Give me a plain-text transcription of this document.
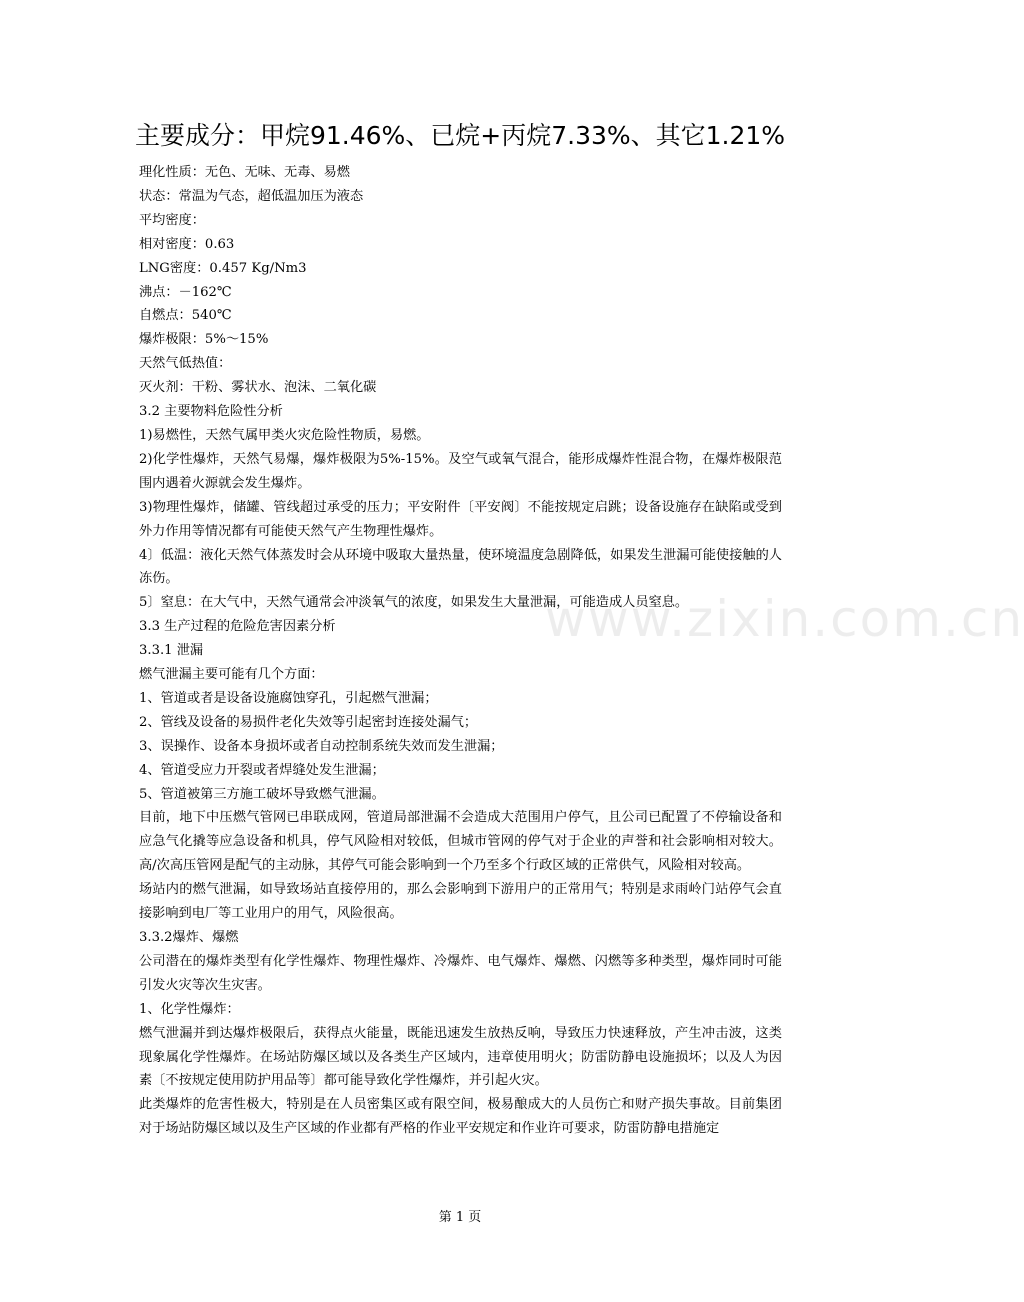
主要成分：甲烷91.46%、已烷+丙烷7.33%、其它1.21%

理化性质：无色、无味、无毒、易燃

状态：常温为气态，超低温加压为液态

平均密度：

相对密度：0.63

LNG密度：0.457 Kg/Nm3

沸点：－162℃

自燃点：540℃

爆炸极限：5%～15%

天然气低热值：

灭火剂：干粉、雾状水、泡沫、二氧化碳

3.2 主要物料危险性分析

1)易燃性，天然气属甲类火灾危险性物质，易燃。

2)化学性爆炸，天然气易爆，爆炸极限为5%-15%。及空气或氧气混合，能形成爆炸性混合物，在爆炸极限范围内遇着火源就会发生爆炸。

3)物理性爆炸，储罐、管线超过承受的压力；平安附件〔平安阀〕不能按规定启跳；设备设施存在缺陷或受到外力作用等情况都有可能使天然气产生物理性爆炸。

4〕低温：液化天然气体蒸发时会从环境中吸取大量热量，使环境温度急剧降低，如果发生泄漏可能使接触的人冻伤。

5〕窒息：在大气中，天然气通常会冲淡氧气的浓度，如果发生大量泄漏，可能造成人员窒息。

3.3 生产过程的危险危害因素分析

3.3.1 泄漏

燃气泄漏主要可能有几个方面：

1、管道或者是设备设施腐蚀穿孔，引起燃气泄漏；

2、管线及设备的易损件老化失效等引起密封连接处漏气；

3、误操作、设备本身损坏或者自动控制系统失效而发生泄漏；

4、管道受应力开裂或者焊缝处发生泄漏；

5、管道被第三方施工破坏导致燃气泄漏。

目前，地下中压燃气管网已串联成网，管道局部泄漏不会造成大范围用户停气，且公司已配置了不停输设备和应急气化撬等应急设备和机具，停气风险相对较低，但城市管网的停气对于企业的声誉和社会影响相对较大。高/次高压管网是配气的主动脉，其停气可能会影响到一个乃至多个行政区域的正常供气，风险相对较高。

场站内的燃气泄漏，如导致场站直接停用的，那么会影响到下游用户的正常用气；特别是求雨岭门站停气会直接影响到电厂等工业用户的用气，风险很高。

3.3.2爆炸、爆燃

公司潜在的爆炸类型有化学性爆炸、物理性爆炸、冷爆炸、电气爆炸、爆燃、闪燃等多种类型，爆炸同时可能引发火灾等次生灾害。

1、化学性爆炸：

燃气泄漏并到达爆炸极限后，获得点火能量，既能迅速发生放热反响，导致压力快速释放，产生冲击波，这类现象属化学性爆炸。在场站防爆区域以及各类生产区域内，违章使用明火；防雷防静电设施损坏；以及人为因素〔不按规定使用防护用品等〕都可能导致化学性爆炸，并引起火灾。

此类爆炸的危害性极大，特别是在人员密集区或有限空间，极易酿成大的人员伤亡和财产损失事故。目前集团对于场站防爆区域以及生产区域的作业都有严格的作业平安规定和作业许可要求，防雷防静电措施定

www.zixin.com.cn
第 1 页
